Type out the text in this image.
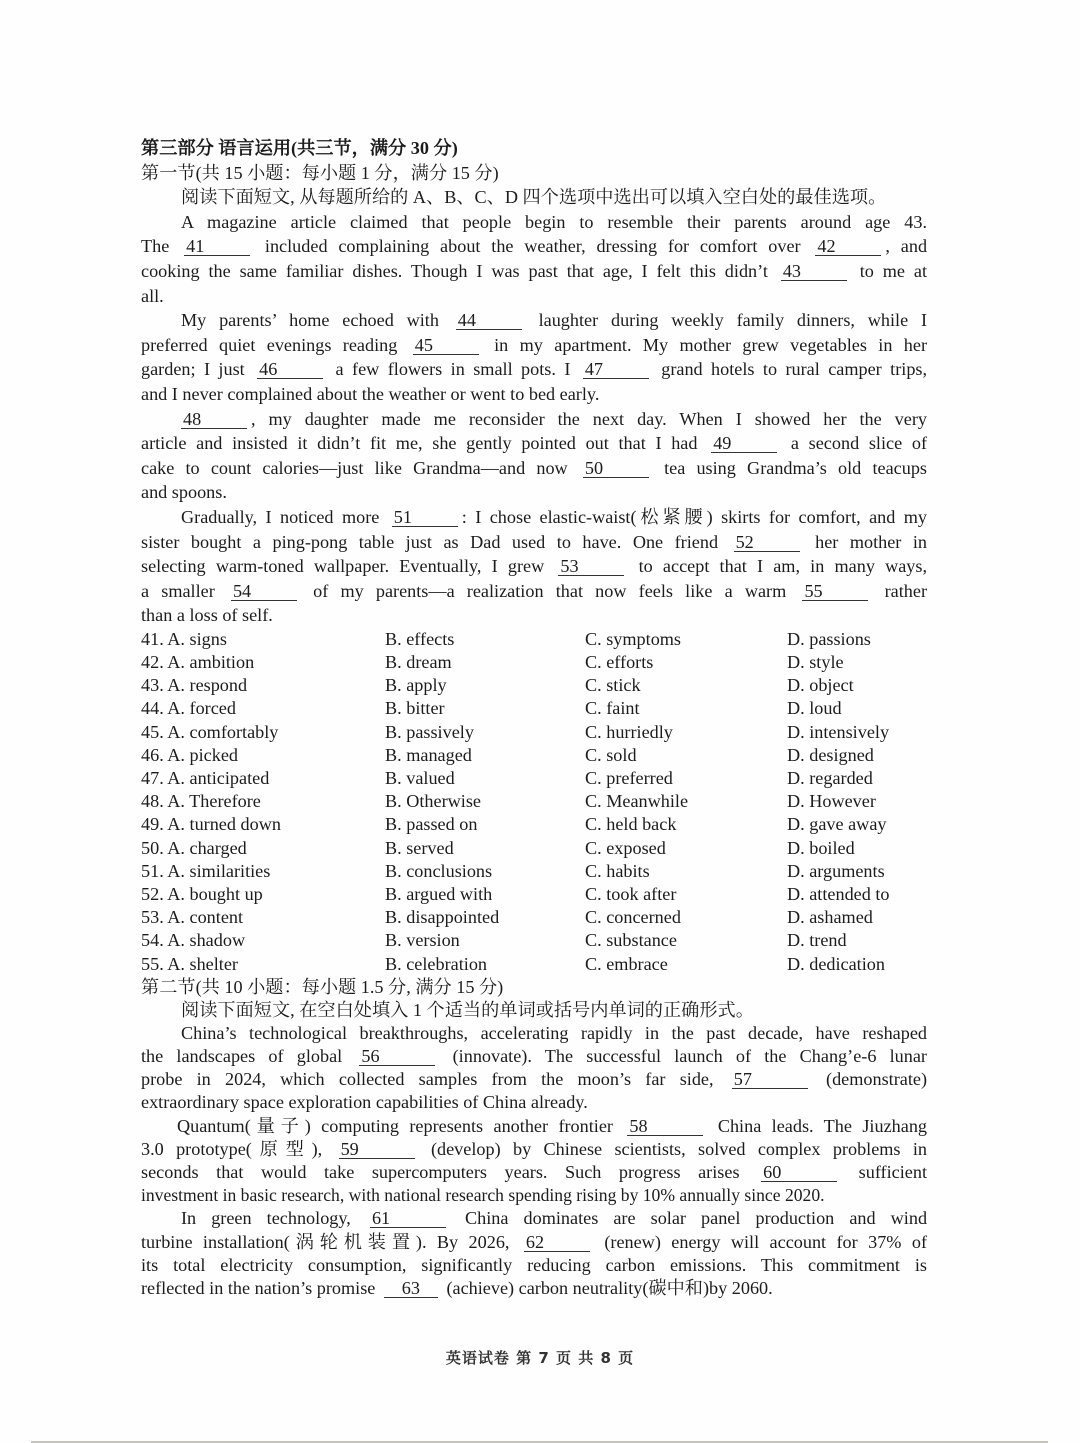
第三部分 语言运用(共三节，满分 30 分)
第一节(共 15 小题：每小题 1 分，满分 15 分)
阅读下面短文, 从每题所给的 A、B、C、D 四个选项中选出可以填入空白处的最佳选项。
A magazine article claimed that people begin to resemble their parents around age 43.
The 41	included complaining about the weather, dressing for comfort over 42	, and
cooking the same familiar dishes. Though I was past that age, I felt this didn’t 43	to me at
all.
My parents’ home echoed with 44	laughter during weekly family dinners, while I
preferred quiet evenings reading 45	in my apartment. My mother grew vegetables in her
garden; I just 46	a few flowers in small pots. I 47	grand hotels to rural camper trips,
and I never complained about the weather or went to bed early.
48	, my daughter made me reconsider the next day. When I showed her the very
article and insisted it didn’t fit me, she gently pointed out that I had 49	a second slice of
cake to count calories—just like Grandma—and now 50	tea using Grandma’s old teacups
and spoons.
Gradually, I noticed more 51	: I chose elastic-waist(松紧腰) skirts for comfort, and my
sister bought a ping-pong table just as Dad used to have. One friend 52	her mother in
selecting warm-toned wallpaper. Eventually, I grew 53	to accept that I am, in many ways,
a smaller 54	of my parents—a realization that now feels like a warm 55	rather
than a loss of self.
41. A. signs	B. effects	C. symptoms	D. passions
42. A. ambition	B. dream	C. efforts	D. style
43. A. respond	B. apply	C. stick	D. object
44. A. forced	B. bitter	C. faint	D. loud
45. A. comfortably	B. passively	C. hurriedly	D. intensively
46. A. picked	B. managed	C. sold	D. designed
47. A. anticipated	B. valued	C. preferred	D. regarded
48. A. Therefore	B. Otherwise	C. Meanwhile	D. However
49. A. turned down	B. passed on	C. held back	D. gave away
50. A. charged	B. served	C. exposed	D. boiled
51. A. similarities	B. conclusions	C. habits	D. arguments
52. A. bought up	B. argued with	C. took after	D. attended to
53. A. content	B. disappointed	C. concerned	D. ashamed
54. A. shadow	B. version	C. substance	D. trend
55. A. shelter	B. celebration	C. embrace	D. dedication
第二节(共 10 小题：每小题 1.5 分, 满分 15 分)
阅读下面短文, 在空白处填入 1 个适当的单词或括号内单词的正确形式。
China’s technological breakthroughs, accelerating rapidly in the past decade, have reshaped
the landscapes of global 56	(innovate). The successful launch of the Chang’e-6 lunar
probe in 2024, which collected samples from the moon’s far side, 57	(demonstrate)
extraordinary space exploration capabilities of China already.
Quantum(量子) computing represents another frontier 58	China leads. The Jiuzhang
3.0 prototype(原型), 59	(develop) by Chinese scientists, solved complex problems in
seconds that would take supercomputers years. Such progress arises 60	sufficient
investment in basic research, with national research spending rising by 10% annually since 2020.
In green technology, 61	China dominates are solar panel production and wind
turbine installation(涡轮机装置). By 2026, 62	(renew) energy will account for 37% of
its total electricity consumption, significantly reducing carbon emissions. This commitment is
reflected in the nation’s promise 63 (achieve) carbon neutrality(碳中和)by 2060.
英语试卷 第 7 页 共 8 页
